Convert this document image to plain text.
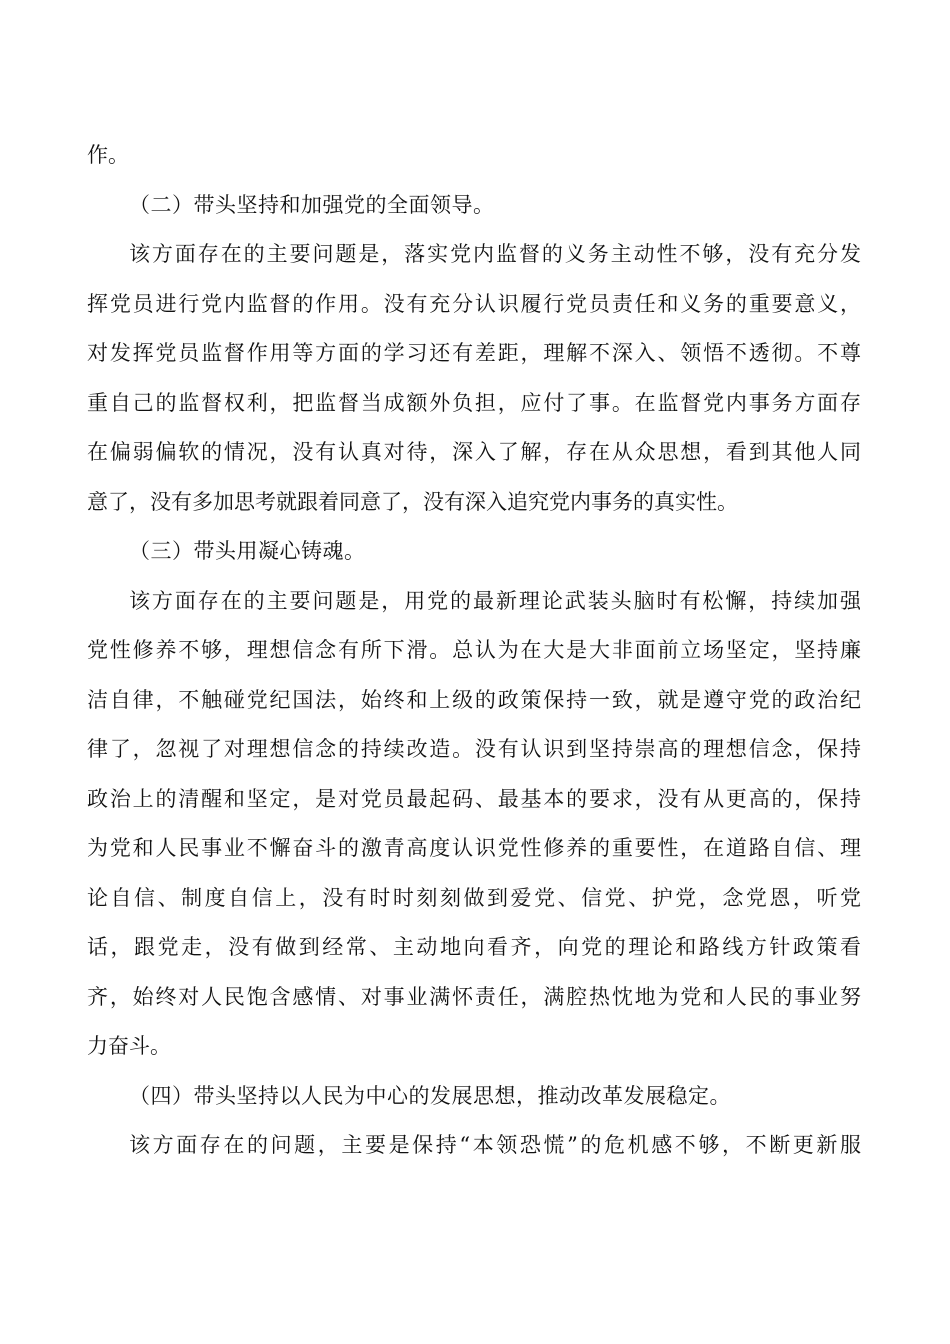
作。
（二）带头坚持和加强党的全面领导。
该方面存在的主要问题是，落实党内监督的义务主动性不够，没有充分发
挥党员进行党内监督的作用。没有充分认识履行党员责任和义务的重要意义，
对发挥党员监督作用等方面的学习还有差距，理解不深入、领悟不透彻。不尊
重自己的监督权利，把监督当成额外负担，应付了事。在监督党内事务方面存
在偏弱偏软的情况，没有认真对待，深入了解，存在从众思想，看到其他人同
意了，没有多加思考就跟着同意了，没有深入追究党内事务的真实性。
（三）带头用凝心铸魂。
该方面存在的主要问题是，用党的最新理论武装头脑时有松懈，持续加强
党性修养不够，理想信念有所下滑。总认为在大是大非面前立场坚定，坚持廉
洁自律，不触碰党纪国法，始终和上级的政策保持一致，就是遵守党的政治纪
律了，忽视了对理想信念的持续改造。没有认识到坚持崇高的理想信念，保持
政治上的清醒和坚定，是对党员最起码、最基本的要求，没有从更高的，保持
为党和人民事业不懈奋斗的激青高度认识党性修养的重要性，在道路自信、理
论自信、制度自信上，没有时时刻刻做到爱党、信党、护党，念党恩，听党
话，跟党走，没有做到经常、主动地向看齐，向党的理论和路线方针政策看
齐，始终对人民饱含感情、对事业满怀责任，满腔热忱地为党和人民的事业努
力奋斗。
（四）带头坚持以人民为中心的发展思想，推动改革发展稳定。
该方面存在的问题，主要是保持“本领恐慌”的危机感不够，不断更新服
